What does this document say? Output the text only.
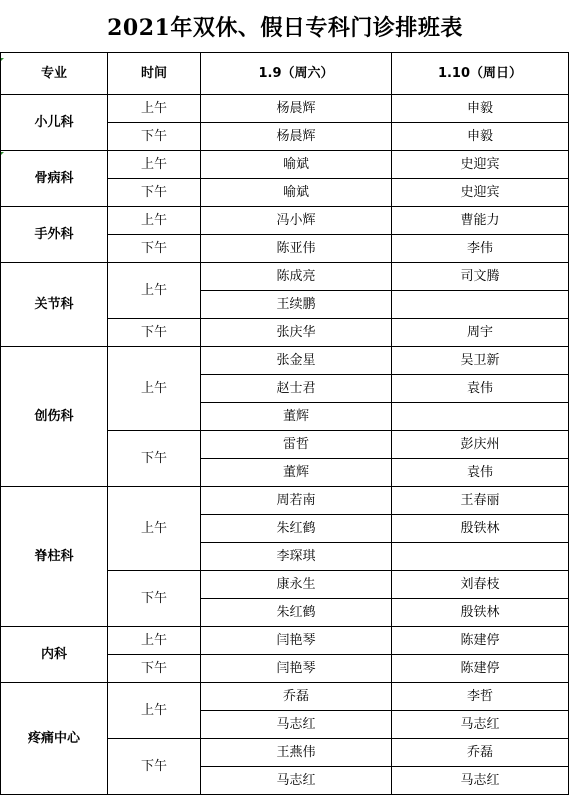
2021年双休、假日专科门诊排班表
专业	时间	1.9（周六）	1.10（周日）
小儿科	上午	杨晨辉	申毅
	下午	杨晨辉	申毅
骨病科	上午	喻斌	史迎宾
	下午	喻斌	史迎宾
手外科	上午	冯小辉	曹能力
	下午	陈亚伟	李伟
关节科	上午	陈成亮	司文腾
		王续鹏	
	下午	张庆华	周宇
创伤科	上午	张金星	吴卫新
		赵士君	袁伟
		董辉	
	下午	雷哲	彭庆州
		董辉	袁伟
脊柱科	上午	周若南	王春丽
		朱红鹤	殷铁林
		李琛琪	
	下午	康永生	刘春枝
		朱红鹤	殷铁林
内科	上午	闫艳琴	陈建停
	下午	闫艳琴	陈建停
疼痛中心	上午	乔磊	李哲
		马志红	马志红
	下午	王燕伟	乔磊
		马志红	马志红
